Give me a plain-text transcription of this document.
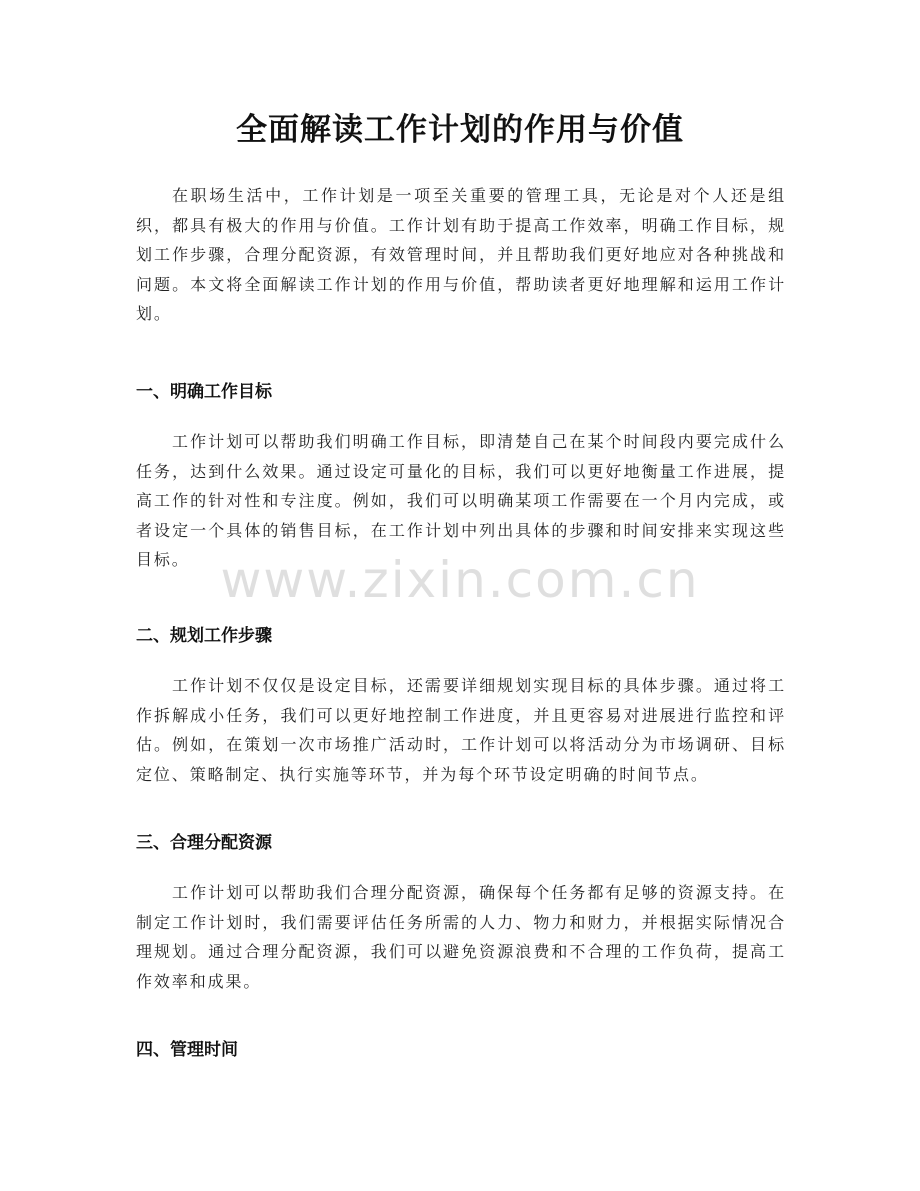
全面解读工作计划的作用与价值

在职场生活中，工作计划是一项至关重要的管理工具，无论是对个人还是组织，都具有极大的作用与价值。工作计划有助于提高工作效率，明确工作目标，规划工作步骤，合理分配资源，有效管理时间，并且帮助我们更好地应对各种挑战和问题。本文将全面解读工作计划的作用与价值，帮助读者更好地理解和运用工作计划。

一、明确工作目标

工作计划可以帮助我们明确工作目标，即清楚自己在某个时间段内要完成什么任务，达到什么效果。通过设定可量化的目标，我们可以更好地衡量工作进展，提高工作的针对性和专注度。例如，我们可以明确某项工作需要在一个月内完成，或者设定一个具体的销售目标，在工作计划中列出具体的步骤和时间安排来实现这些目标。

二、规划工作步骤

工作计划不仅仅是设定目标，还需要详细规划实现目标的具体步骤。通过将工作拆解成小任务，我们可以更好地控制工作进度，并且更容易对进展进行监控和评估。例如，在策划一次市场推广活动时，工作计划可以将活动分为市场调研、目标定位、策略制定、执行实施等环节，并为每个环节设定明确的时间节点。

三、合理分配资源

工作计划可以帮助我们合理分配资源，确保每个任务都有足够的资源支持。在制定工作计划时，我们需要评估任务所需的人力、物力和财力，并根据实际情况合理规划。通过合理分配资源，我们可以避免资源浪费和不合理的工作负荷，提高工作效率和成果。

四、管理时间
www.zixin.com.cn
